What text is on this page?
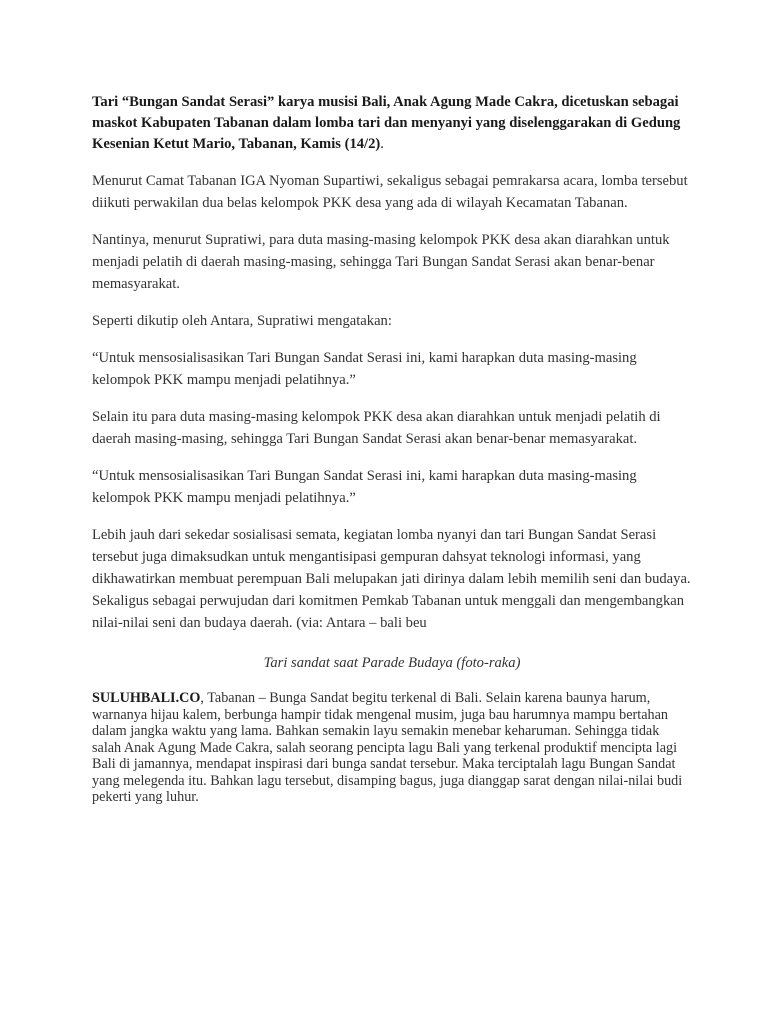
Tari “Bungan Sandat Serasi” karya musisi Bali, Anak Agung Made Cakra, dicetuskan sebagai maskot Kabupaten Tabanan dalam lomba tari dan menyanyi yang diselenggarakan di Gedung Kesenian Ketut Mario, Tabanan, Kamis (14/2).

Menurut Camat Tabanan IGA Nyoman Supartiwi, sekaligus sebagai pemrakarsa acara, lomba tersebut diikuti perwakilan dua belas kelompok PKK desa yang ada di wilayah Kecamatan Tabanan.

Nantinya, menurut Supratiwi, para duta masing-masing kelompok PKK desa akan diarahkan untuk menjadi pelatih di daerah masing-masing, sehingga Tari Bungan Sandat Serasi akan benar-benar memasyarakat.

Seperti dikutip oleh Antara, Supratiwi mengatakan:

“Untuk mensosialisasikan Tari Bungan Sandat Serasi ini, kami harapkan duta masing-masing kelompok PKK mampu menjadi pelatihnya.”

Selain itu para duta masing-masing kelompok PKK desa akan diarahkan untuk menjadi pelatih di daerah masing-masing, sehingga Tari Bungan Sandat Serasi akan benar-benar memasyarakat.

“Untuk mensosialisasikan Tari Bungan Sandat Serasi ini, kami harapkan duta masing-masing kelompok PKK mampu menjadi pelatihnya.”

Lebih jauh dari sekedar sosialisasi semata, kegiatan lomba nyanyi dan tari Bungan Sandat Serasi tersebut juga dimaksudkan untuk mengantisipasi gempuran dahsyat teknologi informasi, yang dikhawatirkan membuat perempuan Bali melupakan jati dirinya dalam lebih memilih seni dan budaya. Sekaligus sebagai perwujudan dari komitmen Pemkab Tabanan untuk menggali dan mengembangkan nilai-nilai seni dan budaya daerah. (via: Antara – bali beu

Tari sandat saat Parade Budaya (foto-raka)

SULUHBALI.CO, Tabanan – Bunga Sandat begitu terkenal di Bali. Selain karena baunya harum, warnanya hijau kalem, berbunga hampir tidak mengenal musim, juga bau harumnya mampu bertahan dalam jangka waktu yang lama. Bahkan semakin layu semakin menebar keharuman. Sehingga tidak salah Anak Agung Made Cakra, salah seorang pencipta lagu Bali yang terkenal produktif mencipta lagi Bali di jamannya, mendapat inspirasi dari bunga sandat tersebur. Maka terciptalah lagu Bungan Sandat yang melegenda itu. Bahkan lagu tersebut, disamping bagus, juga dianggap sarat dengan nilai-nilai budi pekerti yang luhur.
